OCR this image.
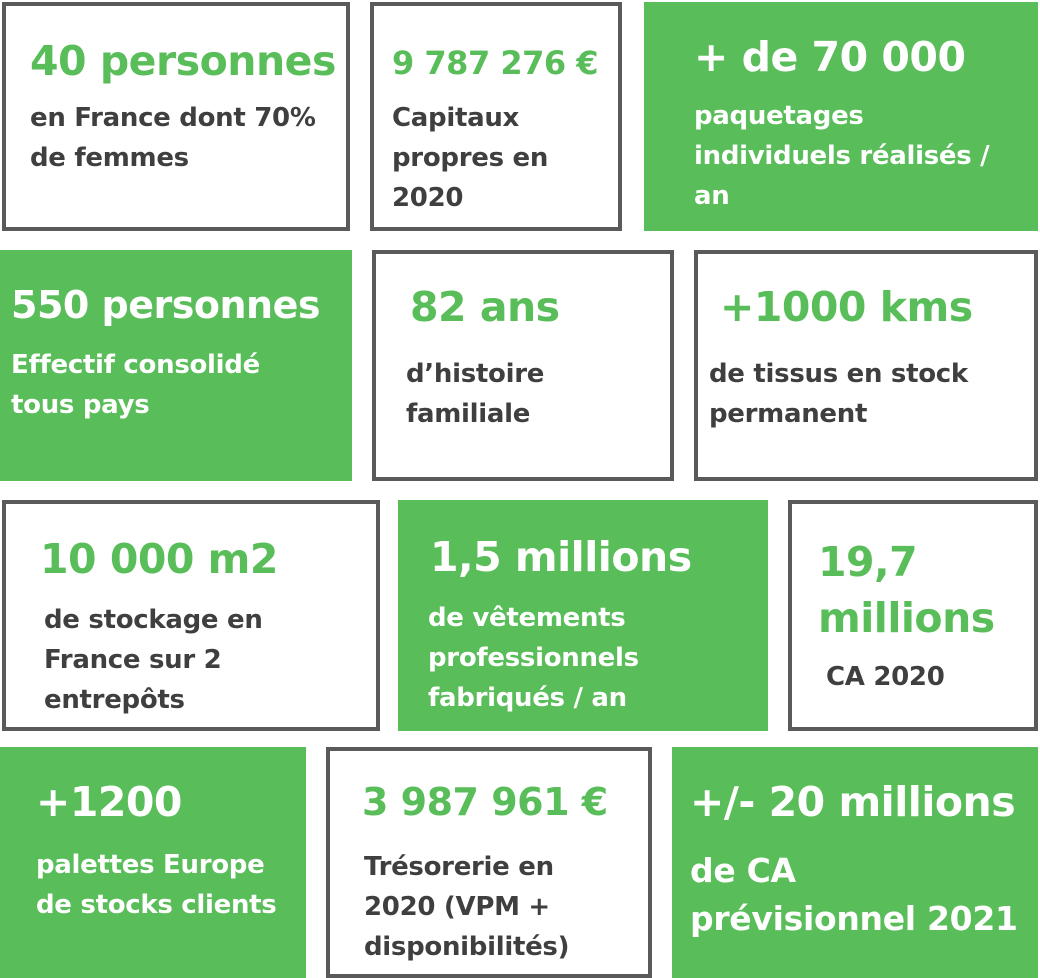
40 personnes
en France dont 70% de femmes
9 787 276 €
Capitaux propres en 2020
+ de 70 000
paquetages individuels réalisés / an
550 personnes
Effectif consolidé tous pays
82 ans
d’histoire familiale
+1000 kms
de tissus en stock permanent
10 000 m2
de stockage en France sur 2 entrepôts
1,5 millions
de vêtements professionnels fabriqués / an
19,7 millions
CA 2020
+1200
palettes Europe de stocks clients
3 987 961 €
Trésorerie en 2020 (VPM + disponibilités)
+/- 20 millions
de CA prévisionnel 2021
